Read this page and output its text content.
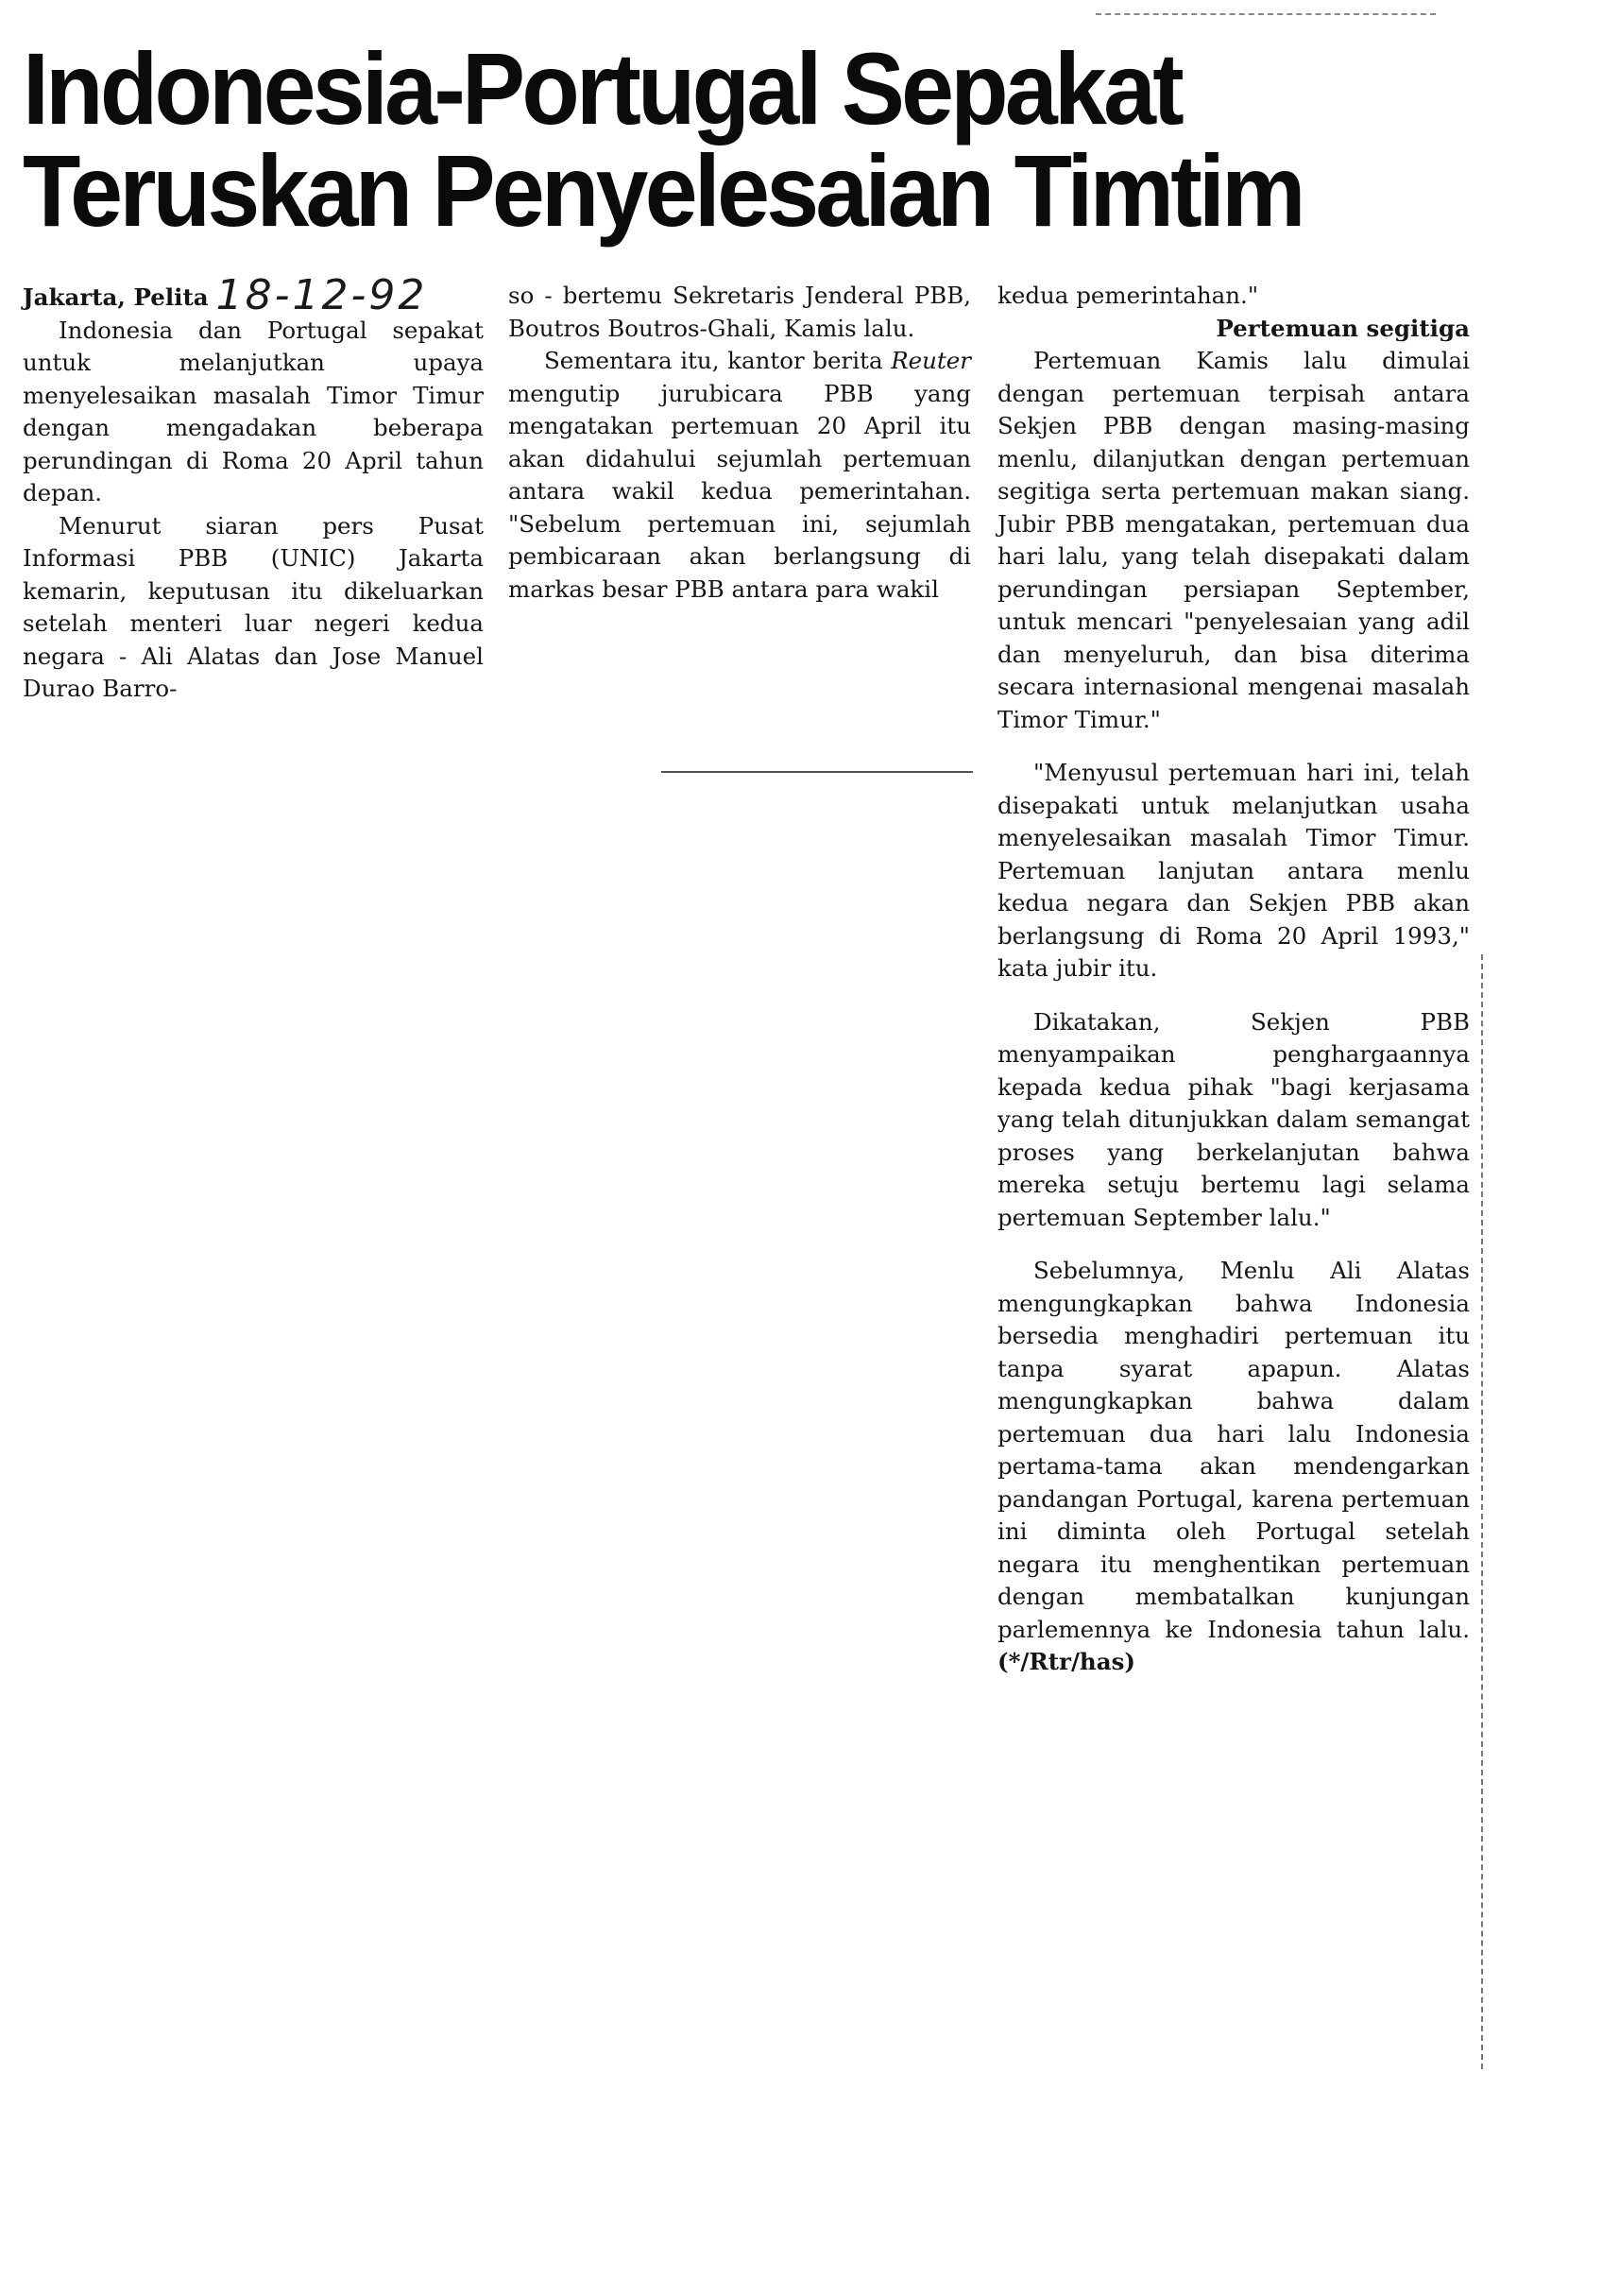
Indonesia-Portugal Sepakat
Teruskan Penyelesaian Timtim

Jakarta, Pelita 18-12-92

Indonesia dan Portugal sepakat untuk melanjutkan upaya menyelesaikan masalah Timor Timur dengan mengadakan beberapa perundingan di Roma 20 April tahun depan.

Menurut siaran pers Pusat Informasi PBB (UNIC) Jakarta kemarin, keputusan itu dikeluarkan setelah menteri luar negeri kedua negara - Ali Alatas dan Jose Manuel Durao Barro-

so - bertemu Sekretaris Jenderal PBB, Boutros Boutros-Ghali, Kamis lalu.

Sementara itu, kantor berita Reuter mengutip jurubicara PBB yang mengatakan pertemuan 20 April itu akan didahului sejumlah pertemuan antara wakil kedua pemerintahan. "Sebelum pertemuan ini, sejumlah pembicaraan akan berlangsung di markas besar PBB antara para wakil

kedua pemerintahan."

Pertemuan segitiga

Pertemuan Kamis lalu dimulai dengan pertemuan terpisah antara Sekjen PBB dengan masing-masing menlu, dilanjutkan dengan pertemuan segitiga serta pertemuan makan siang. Jubir PBB mengatakan, pertemuan dua hari lalu, yang telah disepakati dalam perundingan persiapan September, untuk mencari "penyelesaian yang adil dan menyeluruh, dan bisa diterima secara internasional mengenai masalah Timor Timur."

"Menyusul pertemuan hari ini, telah disepakati untuk melanjutkan usaha menyelesaikan masalah Timor Timur. Pertemuan lanjutan antara menlu kedua negara dan Sekjen PBB akan berlangsung di Roma 20 April 1993," kata jubir itu.

Dikatakan, Sekjen PBB menyampaikan penghargaannya kepada kedua pihak "bagi kerjasama yang telah ditunjukkan dalam semangat proses yang berkelanjutan bahwa mereka setuju bertemu lagi selama pertemuan September lalu."

Sebelumnya, Menlu Ali Alatas mengungkapkan bahwa Indonesia bersedia menghadiri pertemuan itu tanpa syarat apapun. Alatas mengungkapkan bahwa dalam pertemuan dua hari lalu Indonesia pertama-tama akan mendengarkan pandangan Portugal, karena pertemuan ini diminta oleh Portugal setelah negara itu menghentikan pertemuan dengan membatalkan kunjungan parlemennya ke Indonesia tahun lalu.(*/Rtr/has)
